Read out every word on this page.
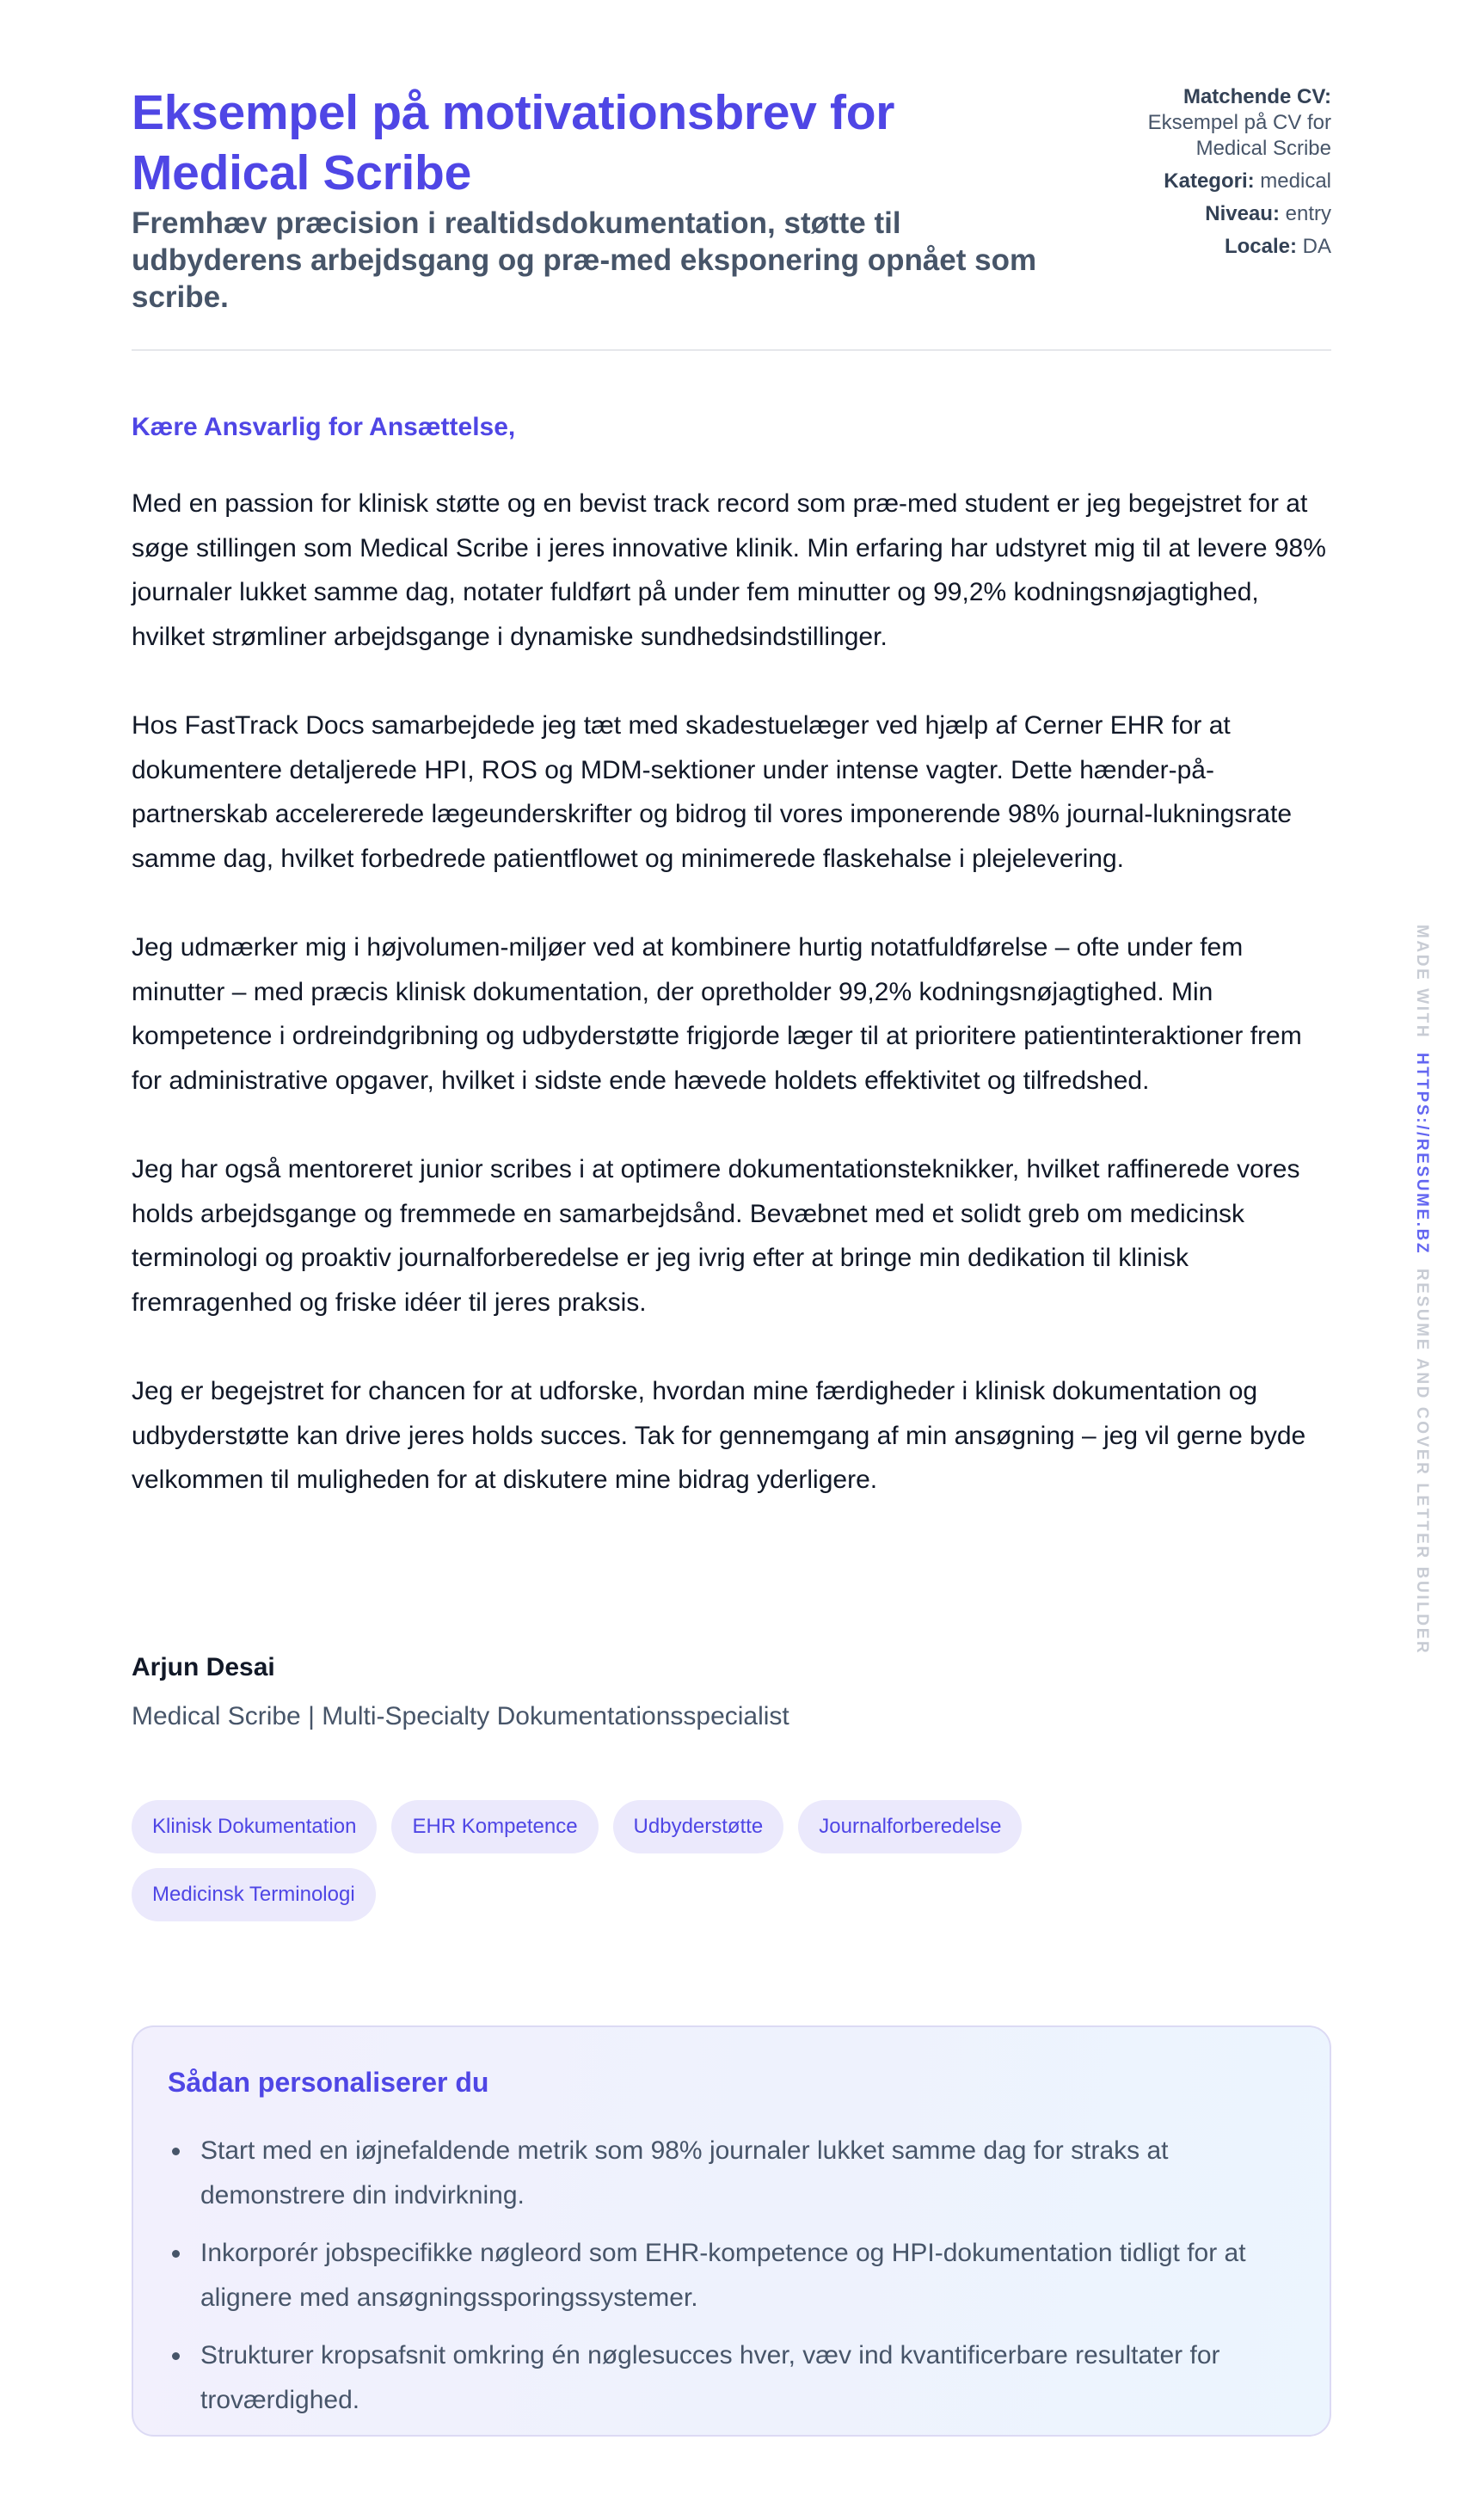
Eksempel på motivationsbrev for Medical Scribe
Fremhæv præcision i realtidsdokumentation, støtte til udbyderens arbejdsgang og præ-med eksponering opnået som scribe.
Matchende CV:
Eksempel på CV for Medical Scribe
Kategori: medical
Niveau: entry
Locale: DA
Kære Ansvarlig for Ansættelse,

Med en passion for klinisk støtte og en bevist track record som præ-med student er jeg begejstret for at søge stillingen som Medical Scribe i jeres innovative klinik. Min erfaring har udstyret mig til at levere 98% journaler lukket samme dag, notater fuldført på under fem minutter og 99,2% kodningsnøjagtighed, hvilket strømliner arbejdsgange i dynamiske sundhedsindstillinger.

Hos FastTrack Docs samarbejdede jeg tæt med skadestuelæger ved hjælp af Cerner EHR for at dokumentere detaljerede HPI, ROS og MDM-sektioner under intense vagter. Dette hænder-på-partnerskab accelererede lægeunderskrifter og bidrog til vores imponerende 98% journal-lukningsrate samme dag, hvilket forbedrede patientflowet og minimerede flaskehalse i plejelevering.

Jeg udmærker mig i højvolumen-miljøer ved at kombinere hurtig notatfuldførelse – ofte under fem minutter – med præcis klinisk dokumentation, der opretholder 99,2% kodningsnøjagtighed. Min kompetence i ordreindgribning og udbyderstøtte frigjorde læger til at prioritere patientinteraktioner frem for administrative opgaver, hvilket i sidste ende hævede holdets effektivitet og tilfredshed.

Jeg har også mentoreret junior scribes i at optimere dokumentationsteknikker, hvilket raffinerede vores holds arbejdsgange og fremmede en samarbejdsånd. Bevæbnet med et solidt greb om medicinsk terminologi og proaktiv journalforberedelse er jeg ivrig efter at bringe min dedikation til klinisk fremragenhed og friske idéer til jeres praksis.

Jeg er begejstret for chancen for at udforske, hvordan mine færdigheder i klinisk dokumentation og udbyderstøtte kan drive jeres holds succes. Tak for gennemgang af min ansøgning – jeg vil gerne byde velkommen til muligheden for at diskutere mine bidrag yderligere.

Arjun Desai
Medical Scribe | Multi-Specialty Dokumentationsspecialist
Klinisk Dokumentation	EHR Kompetence	Udbyderstøtte	Journalforberedelse
Medicinsk Terminologi
Sådan personaliserer du
Start med en iøjnefaldende metrik som 98% journaler lukket samme dag for straks at demonstrere din indvirkning.
Inkorporér jobspecifikke nøgleord som EHR-kompetence og HPI-dokumentation tidligt for at alignere med ansøgningssporingssystemer.
Strukturer kropsafsnit omkring én nøglesucces hver, væv ind kvantificerbare resultater for troværdighed.
MADE WITH  HTTPS://RESUME.BZ  RESUME AND COVER LETTER BUILDER
